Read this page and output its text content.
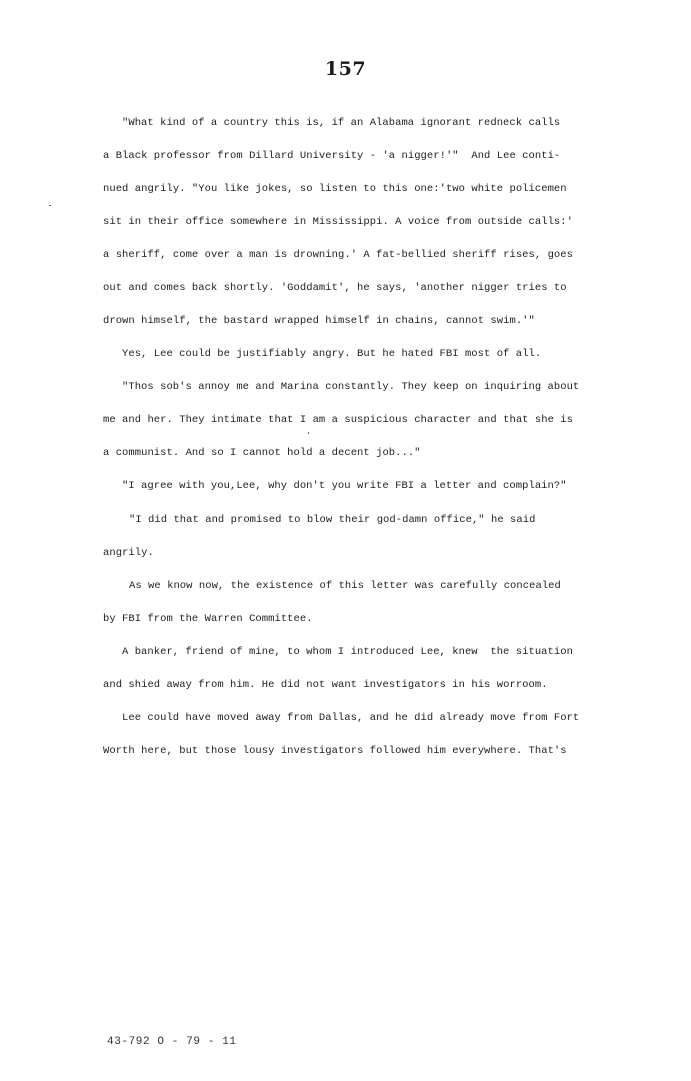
157
"What kind of a country this is, if an Alabama ignorant redneck calls
a Black professor from Dillard University - 'a nigger!'"  And Lee conti-
nued angrily. "You like jokes, so listen to this one:'two white policemen
sit in their office somewhere in Mississippi. A voice from outside calls:'
a sheriff, come over a man is drowning.' A fat-bellied sheriff rises, goes
out and comes back shortly. 'Goddamit', he says, 'another nigger tries to
drown himself, the bastard wrapped himself in chains, cannot swim.'"
Yes, Lee could be justifiably angry. But he hated FBI most of all.
"Thos sob's annoy me and Marina constantly. They keep on inquiring about
me and her. They intimate that I am a suspicious character and that she is
a communist. And so I cannot hold a decent job..."
"I agree with you,Lee, why don't you write FBI a letter and complain?"
"I did that and promised to blow their god-damn office," he said
angrily.
As we know now, the existence of this letter was carefully concealed
by FBI from the Warren Committee.
A banker, friend of mine, to whom I introduced Lee, knew  the situation
and shied away from him. He did not want investigators in his worroom.
Lee could have moved away from Dallas, and he did already move from Fort
Worth here, but those lousy investigators followed him everywhere. That's
43-792 O - 79 - 11
